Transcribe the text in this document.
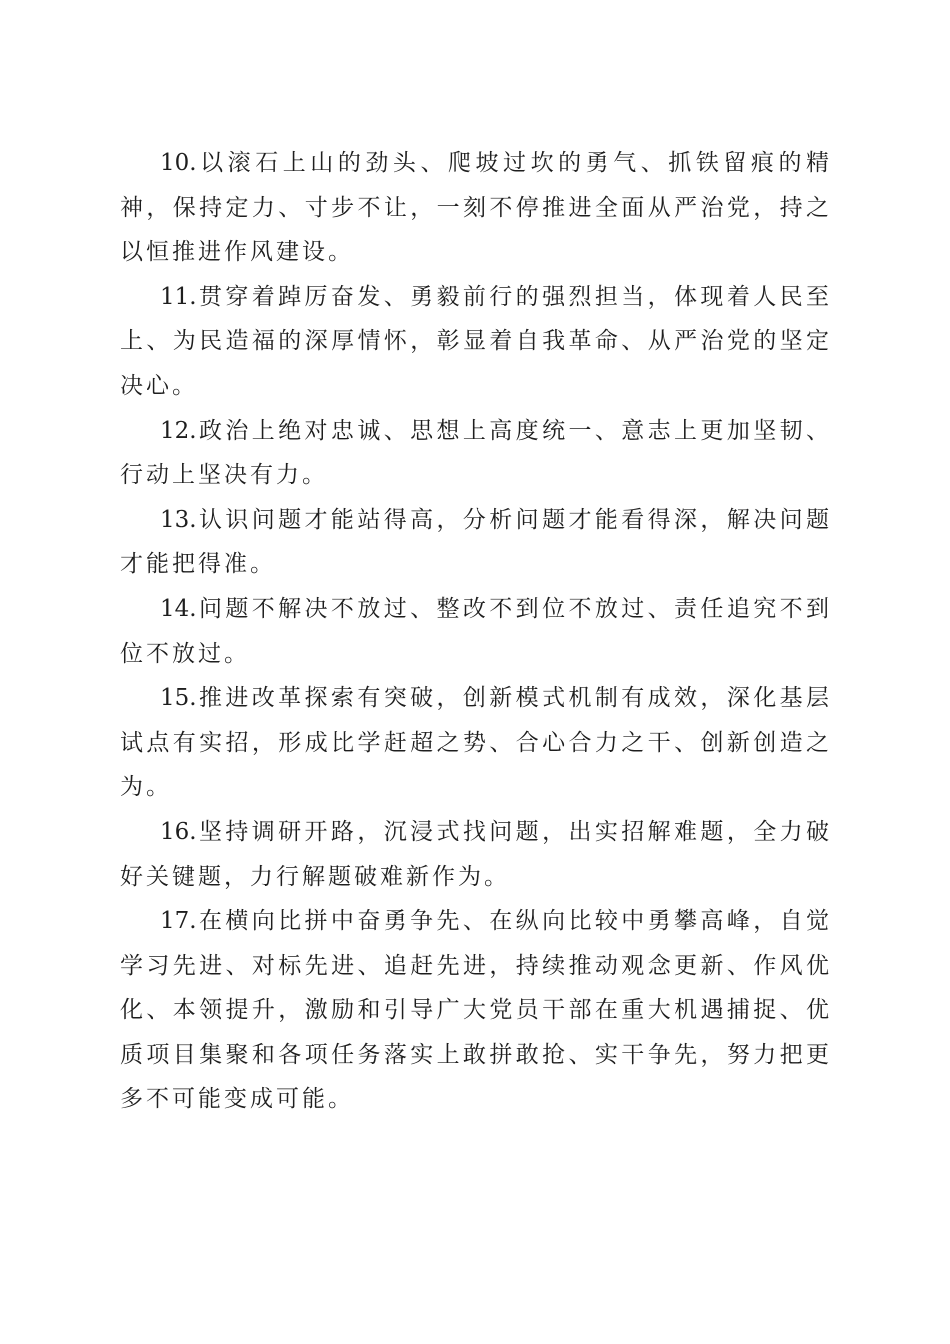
10.以滚石上山的劲头、爬坡过坎的勇气、抓铁留痕的精神，保持定力、寸步不让，一刻不停推进全面从严治党，持之以恒推进作风建设。

11.贯穿着踔厉奋发、勇毅前行的强烈担当，体现着人民至上、为民造福的深厚情怀，彰显着自我革命、从严治党的坚定决心。

12.政治上绝对忠诚、思想上高度统一、意志上更加坚韧、行动上坚决有力。

13.认识问题才能站得高，分析问题才能看得深，解决问题才能把得准。

14.问题不解决不放过、整改不到位不放过、责任追究不到位不放过。

15.推进改革探索有突破，创新模式机制有成效，深化基层试点有实招，形成比学赶超之势、合心合力之干、创新创造之为。

16.坚持调研开路，沉浸式找问题，出实招解难题，全力破好关键题，力行解题破难新作为。

17.在横向比拼中奋勇争先、在纵向比较中勇攀高峰，自觉学习先进、对标先进、追赶先进，持续推动观念更新、作风优化、本领提升，激励和引导广大党员干部在重大机遇捕捉、优质项目集聚和各项任务落实上敢拼敢抢、实干争先，努力把更多不可能变成可能。
